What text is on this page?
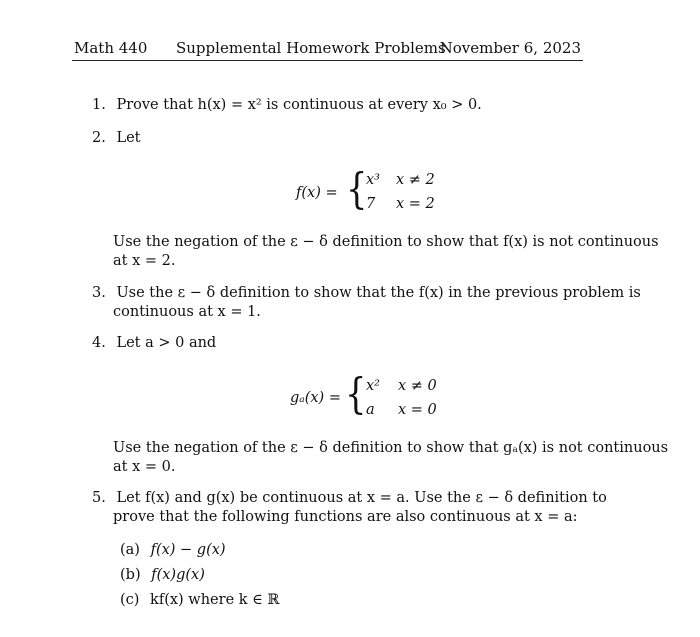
Math 440 Supplemental Homework Problems
November 6, 2023
1. Prove that h(x) = x² is continuous at every x₀ > 0.
2. Let
f(x) = {
x³ x ≠ 2
7 x = 2
Use the negation of the ε − δ definition to show that f(x) is not continuous
at x = 2.
3. Use the ε − δ definition to show that the f(x) in the previous problem is
continuous at x = 1.
4. Let a > 0 and
gₐ(x) = { x² x ≠ 0
a x = 0
Use the negation of the ε − δ definition to show that gₐ(x) is not continuous
at x = 0.
5. Let f(x) and g(x) be continuous at x = a. Use the ε − δ definition to
prove that the following functions are also continuous at x = a:
(a) f(x) − g(x)
(b) f(x)g(x)
(c) kf(x) where k ∈ ℝ
